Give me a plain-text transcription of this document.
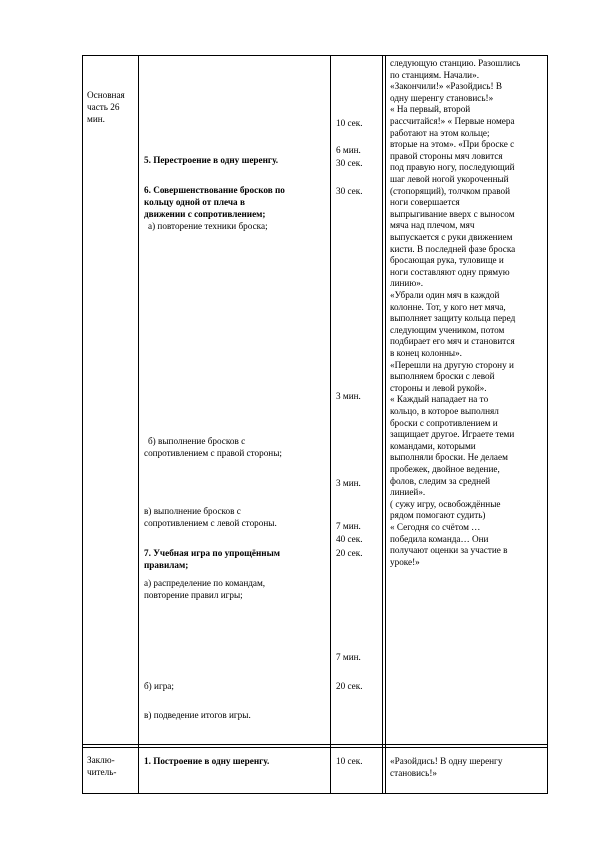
Основная
часть 26
мин.
Заклю-
читель-
5. Перестроение в одну шеренгу.
6. Совершенствование бросков по
кольцу одной от плеча в
движении с сопротивлением;
а) повторение техники броска;
б) выполнение бросков с
сопротивлением с правой стороны;
в) выполнение бросков с
сопротивлением с левой стороны.
7. Учебная игра по упрощённым
правилам;
а) распределение по командам,
повторение правил игры;
б) игра;
в) подведение итогов игры.
1. Построение в одну шеренгу.
10 сек.
6 мин.
30 сек.
30 сек.
3 мин.
3 мин.
7 мин.
40 сек.
20 сек.
7 мин.
20 сек.
10 сек.
следующую станцию. Разошлись
по станциям. Начали».
«Закончили!» «Разойдись! В
одну шеренгу становись!»
« На первый, второй
рассчитайся!» « Первые номера
работают на этом кольце;
вторые на этом». «При броске с
правой стороны мяч ловится
под правую ногу, последующий
шаг левой ногой укороченный
(стопорящий), толчком правой
ноги совершается
выпрыгивание вверх с выносом
мяча над плечом, мяч
выпускается с руки движением
кисти. В последней фазе броска
бросающая рука, туловище и
ноги составляют одну прямую
линию».
«Убрали один мяч в каждой
колонне. Тот, у кого нет мяча,
выполняет защиту кольца перед
следующим учеником, потом
подбирает его мяч и становится
в конец колонны».
«Перешли на другую сторону и
выполняем броски с левой
стороны и левой рукой».
« Каждый нападает на то
кольцо, в которое выполнял
броски с сопротивлением и
защищает другое. Играете теми
командами, которыми
выполняли броски. Не делаем
пробежек, двойное ведение,
фолов, следим за средней
линией».
( сужу игру, освобождённые
рядом помогают судить)
« Сегодня со счётом …
победила команда… Они
получают оценки за участие в
уроке!»
«Разойдись! В одну шеренгу
становись!»
